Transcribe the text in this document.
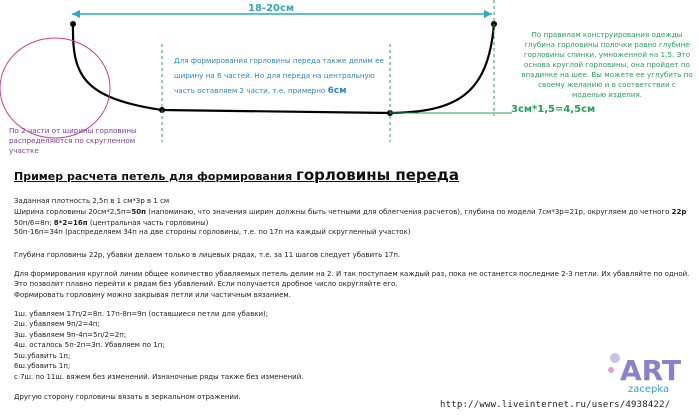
18-20см
Для формирования горловины переда также делим ее
ширину на 6 частей. Но для переда на центральную
часть оставляем 2 части, т.е. примерно 6см
По 2 части от ширины горловины
распределяются по скругленном
участке
По правилам конструирования одежды
глубина горловины полочки равно глубине
горловины спинки, умноженной на 1,5. Это
основа круглой горловины, она пройдет по
впадинке на шее. Вы можете ее углубить по
своему желанию и в соответствии с
моделью изделия.
3см*1,5=4,5см
Пример расчета петель для формирования горловины переда
Заданная плотность 2,5п в 1 см*3р в 1 см
Ширина горловины 20см*2,5п=50п (напоминаю, что значения ширин должны быть четными для облегчения расчетов), глубина по модели 7см*3р=21р, округляем до четного 22р
50п/6=8п; 8*2=16п (центральная часть горловины)
50п-16п=34п (распределяем 34п на две стороны горловины, т.е. по 17п на каждый скругленный участок)
Глубина горловины 22р, убавки делаем только в лицевых рядах, т.е. за 11 шагов следует убавить 17п.
Для формирования круглой линии общее количество убавляемых петель делим на 2. И так поступаем каждый раз, пока не останется последние 2-3 петли. Их убавляйте по одной.
Это позволит плавно перейти к рядам без убавлений. Если получается дробное число округляйте его.
Формировать горловину можно закрывая петли или частичным вязанием.
1ш. убавляем 17п/2=8п. 17п-8п=9п (оставшиеся петли для убавки);
2ш. убавляем 9п/2=4п;
3ш. убавляем 9п-4п=5п/2=2п;
4ш. осталось 5п-2п=3п. Убавляем по 1п;
5ш.убавить 1п;
6ш.убавить 1п;
с 7ш. по 11ш. вяжем без изменений. Изнаночные ряды также без изменений.
Другую сторону горловины вязать в зеркальном отражении.
ART
zacepka
http://www.liveinternet.ru/users/4938422/
